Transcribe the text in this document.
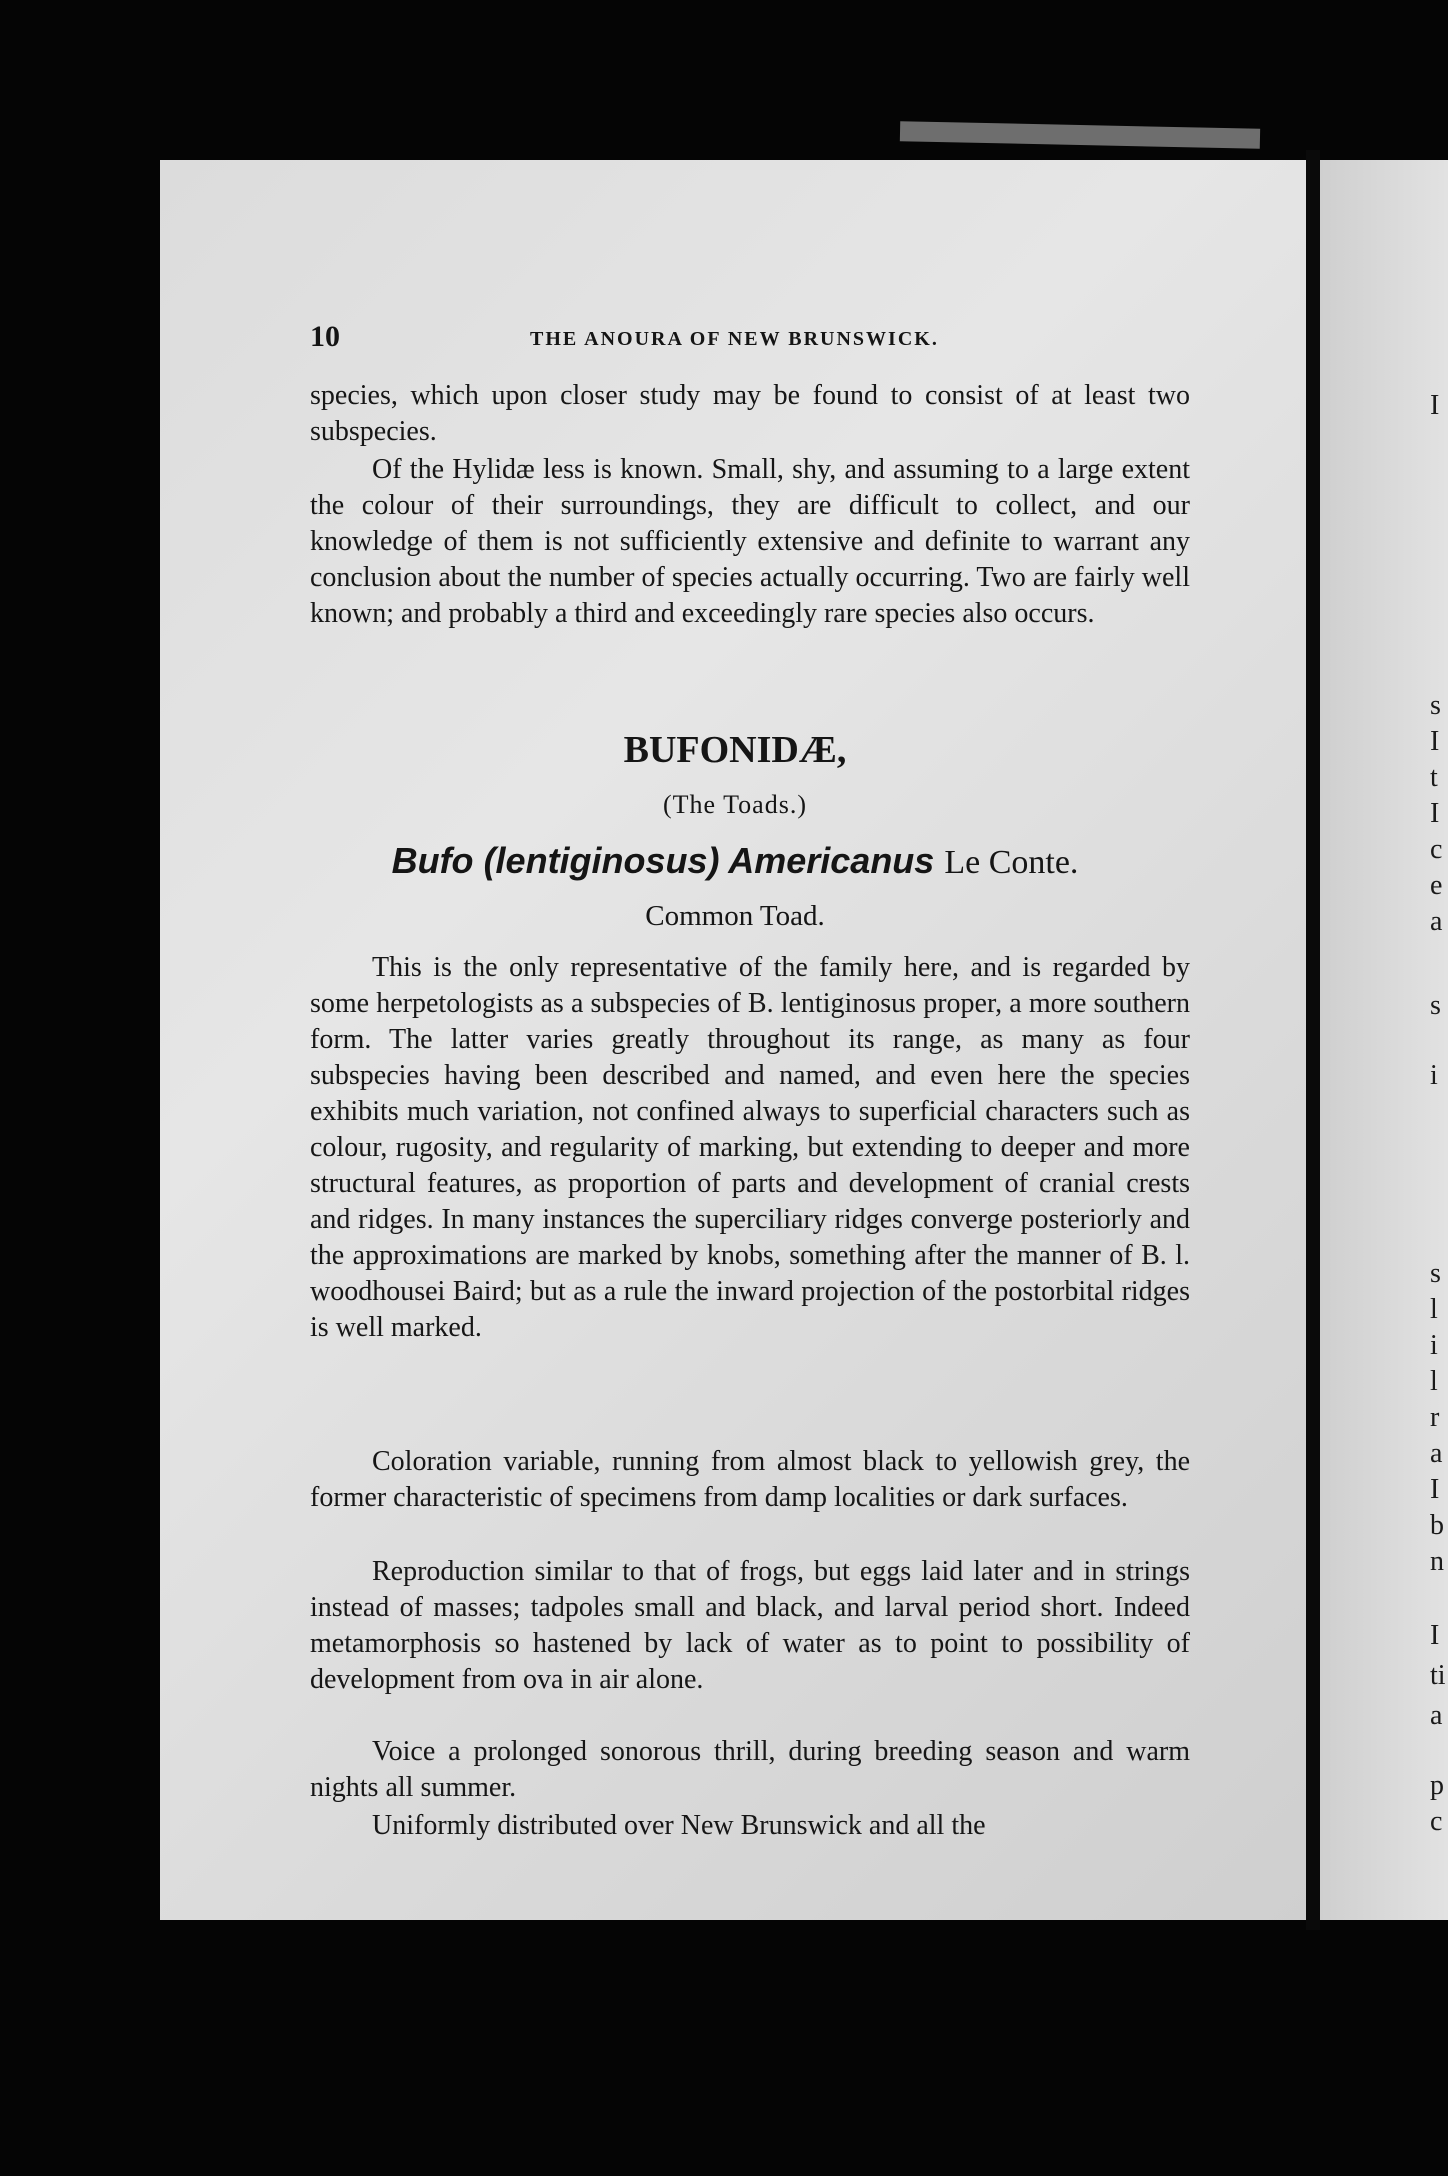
10	THE ANOURA OF NEW BRUNSWICK.
species, which upon closer study may be found to consist of at least two subspecies.
Of the Hylidæ less is known. Small, shy, and assuming to a large extent the colour of their surroundings, they are difficult to collect, and our knowledge of them is not sufficiently extensive and definite to warrant any conclusion about the number of species actually occurring. Two are fairly well known; and probably a third and exceedingly rare species also occurs.
BUFONIDÆ,
(The Toads.)
Bufo (lentiginosus) Americanus Le Conte.
Common Toad.
This is the only representative of the family here, and is regarded by some herpetologists as a subspecies of B. lentiginosus proper, a more southern form. The latter varies greatly throughout its range, as many as four subspecies having been described and named, and even here the species exhibits much variation, not confined always to superficial characters such as colour, rugosity, and regularity of marking, but extending to deeper and more structural features, as proportion of parts and development of cranial crests and ridges. In many instances the superciliary ridges converge posteriorly and the approximations are marked by knobs, something after the manner of B. l. woodhousei Baird; but as a rule the inward projection of the postorbital ridges is well marked.
Coloration variable, running from almost black to yellowish grey, the former characteristic of specimens from damp localities or dark surfaces.
Reproduction similar to that of frogs, but eggs laid later and in strings instead of masses; tadpoles small and black, and larval period short. Indeed metamorphosis so hastened by lack of water as to point to possibility of development from ova in air alone.
Voice a prolonged sonorous thrill, during breeding season and warm nights all summer.
Uniformly distributed over New Brunswick and all the
I
s
I
t
I
c
e
a
s
i
s
l
i
l
r
a
I
b
n
I
ti
a
p
c
